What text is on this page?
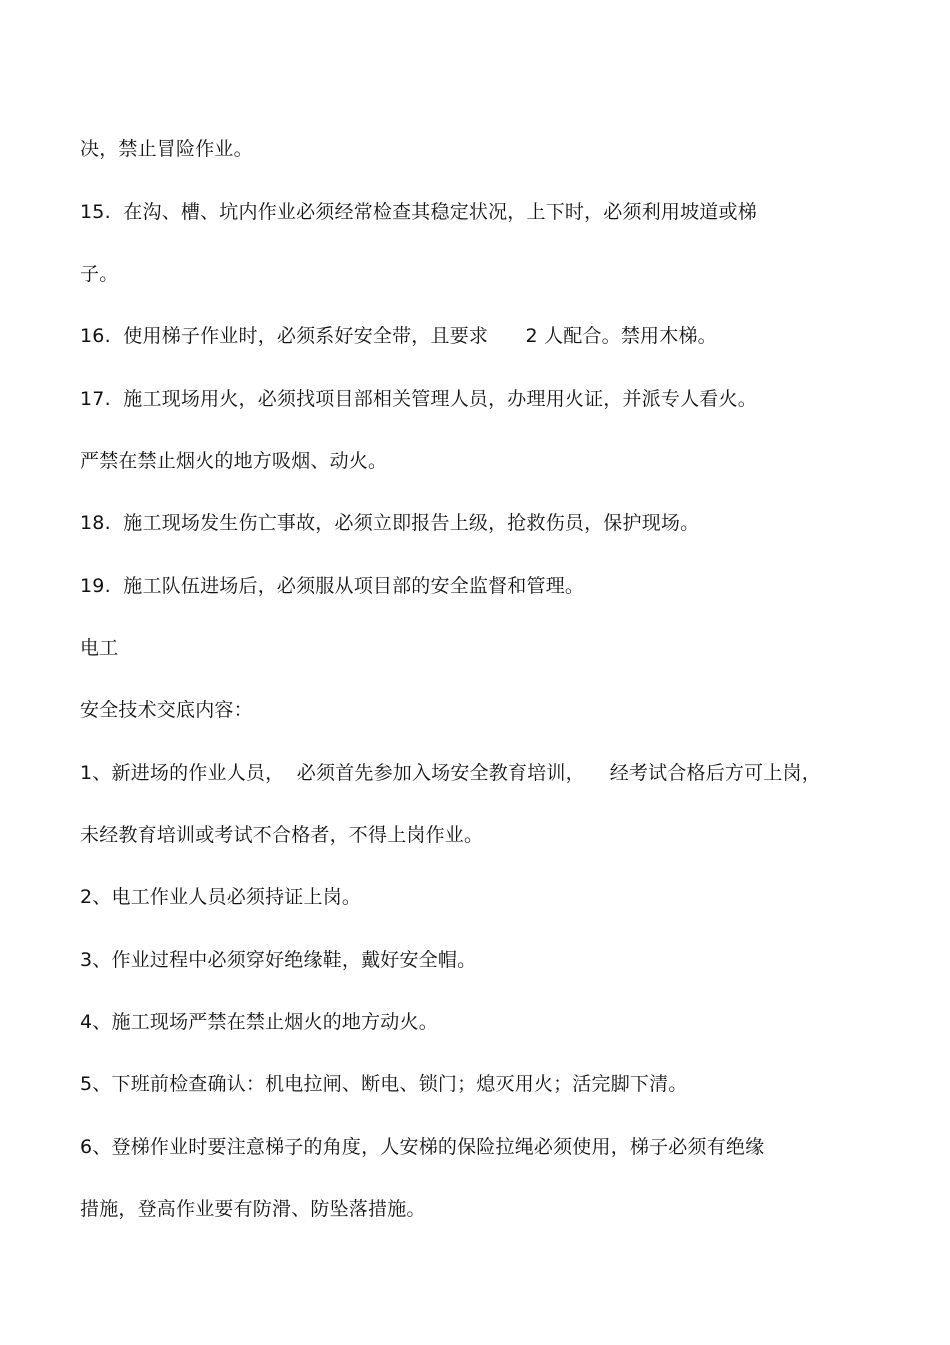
决，禁止冒险作业。
15.  在沟、槽、坑内作业必须经常检查其稳定状况，上下时，必须利用坡道或梯
子。
16.  使用梯子作业时，必须系好安全带，且要求      2 人配合。禁用木梯。
17.  施工现场用火，必须找项目部相关管理人员，办理用火证，并派专人看火。
严禁在禁止烟火的地方吸烟、动火。
18.  施工现场发生伤亡事故，必须立即报告上级，抢救伤员，保护现场。
19.  施工队伍进场后，必须服从项目部的安全监督和管理。
电工
安全技术交底内容：
1、新进场的作业人员，  必须首先参加入场安全教育培训，    经考试合格后方可上岗，
未经教育培训或考试不合格者，不得上岗作业。
2、电工作业人员必须持证上岗。
3、作业过程中必须穿好绝缘鞋，戴好安全帽。
4、施工现场严禁在禁止烟火的地方动火。
5、下班前检查确认：机电拉闸、断电、锁门；熄灭用火；活完脚下清。
6、登梯作业时要注意梯子的角度，人安梯的保险拉绳必须使用，梯子必须有绝缘
措施，登高作业要有防滑、防坠落措施。
